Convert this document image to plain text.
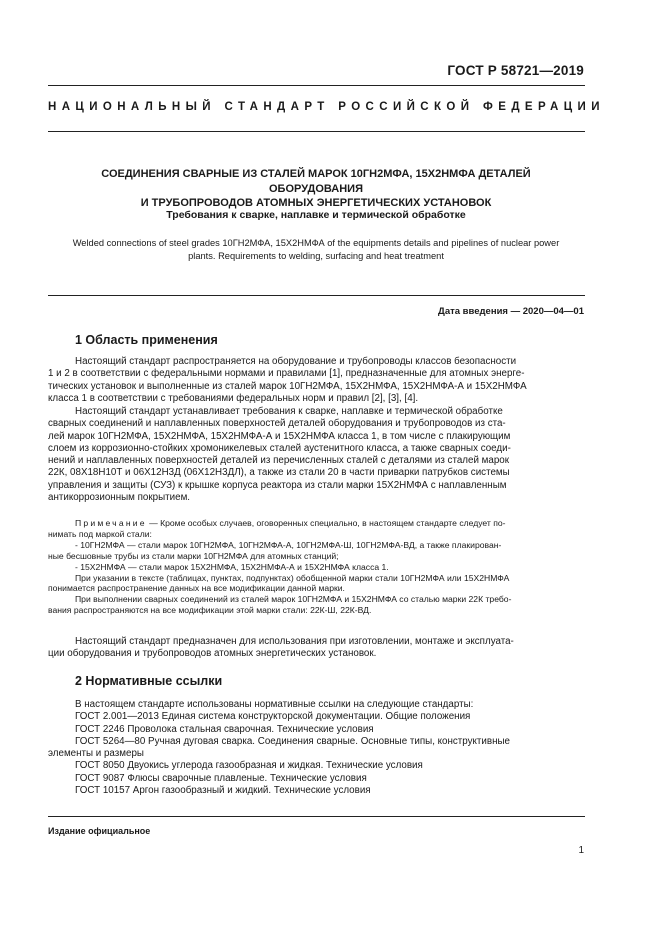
ГОСТ Р 58721—2019
НАЦИОНАЛЬНЫЙ СТАНДАРТ РОССИЙСКОЙ ФЕДЕРАЦИИ
СОЕДИНЕНИЯ СВАРНЫЕ ИЗ СТАЛЕЙ МАРОК 10ГН2МФА, 15Х2НМФА ДЕТАЛЕЙ ОБОРУДОВАНИЯ
И ТРУБОПРОВОДОВ АТОМНЫХ ЭНЕРГЕТИЧЕСКИХ УСТАНОВОК
Требования к сварке, наплавке и термической обработке
Welded connections of steel grades 10ГН2МФА, 15Х2НМФА of the equipments details and pipelines of nuclear power
plants. Requirements to welding, surfacing and heat treatment
Дата введения — 2020—04—01
1 Область применения
Настоящий стандарт распространяется на оборудование и трубопроводы классов безопасности
1 и 2 в соответствии с федеральными нормами и правилами [1], предназначенные для атомных энерге-
тических установок и выполненные из сталей марок 10ГН2МФА, 15Х2НМФА, 15Х2НМФА-А и 15Х2НМФА
класса 1 в соответствии с требованиями федеральных норм и правил [2], [3], [4].
Настоящий стандарт устанавливает требования к сварке, наплавке и термической обработке
сварных соединений и наплавленных поверхностей деталей оборудования и трубопроводов из ста-
лей марок 10ГН2МФА, 15Х2НМФА, 15Х2НМФА-А и 15Х2НМФА класса 1, в том числе с плакирующим
слоем из коррозионно-стойких хромоникелевых сталей аустенитного класса, а также сварных соеди-
нений и наплавленных поверхностей деталей из перечисленных сталей с деталями из сталей марок
22К, 08Х18Н10Т и 06Х12Н3Д (06Х12Н3ДЛ), а также из стали 20 в части приварки патрубков системы
управления и защиты (СУЗ) к крышке корпуса реактора из стали марки 15Х2НМФА с наплавленным
антикоррозионным покрытием.
Примечание — Кроме особых случаев, оговоренных специально, в настоящем стандарте следует по-
нимать под маркой стали:
- 10ГН2МФА — стали марок 10ГН2МФА, 10ГН2МФА-А, 10ГН2МФА-Ш, 10ГН2МФА-ВД, а также плакирован-
ные бесшовные трубы из стали марки 10ГН2МФА для атомных станций;
- 15Х2НМФА — стали марок 15Х2НМФА, 15Х2НМФА-А и 15Х2НМФА класса 1.
При указании в тексте (таблицах, пунктах, подпунктах) обобщенной марки стали 10ГН2МФА или 15Х2НМФА
понимается распространение данных на все модификации данной марки.
При выполнении сварных соединений из сталей марок 10ГН2МФА и 15Х2НМФА со сталью марки 22К требо-
вания распространяются на все модификации этой марки стали: 22К-Ш, 22К-ВД.
Настоящий стандарт предназначен для использования при изготовлении, монтаже и эксплуата-
ции оборудования и трубопроводов атомных энергетических установок.
2 Нормативные ссылки
В настоящем стандарте использованы нормативные ссылки на следующие стандарты:
ГОСТ 2.001—2013 Единая система конструкторской документации. Общие положения
ГОСТ 2246 Проволока стальная сварочная. Технические условия
ГОСТ 5264—80 Ручная дуговая сварка. Соединения сварные. Основные типы, конструктивные
элементы и размеры
ГОСТ 8050 Двуокись углерода газообразная и жидкая. Технические условия
ГОСТ 9087 Флюсы сварочные плавленые. Технические условия
ГОСТ 10157 Аргон газообразный и жидкий. Технические условия
Издание официальное
1
